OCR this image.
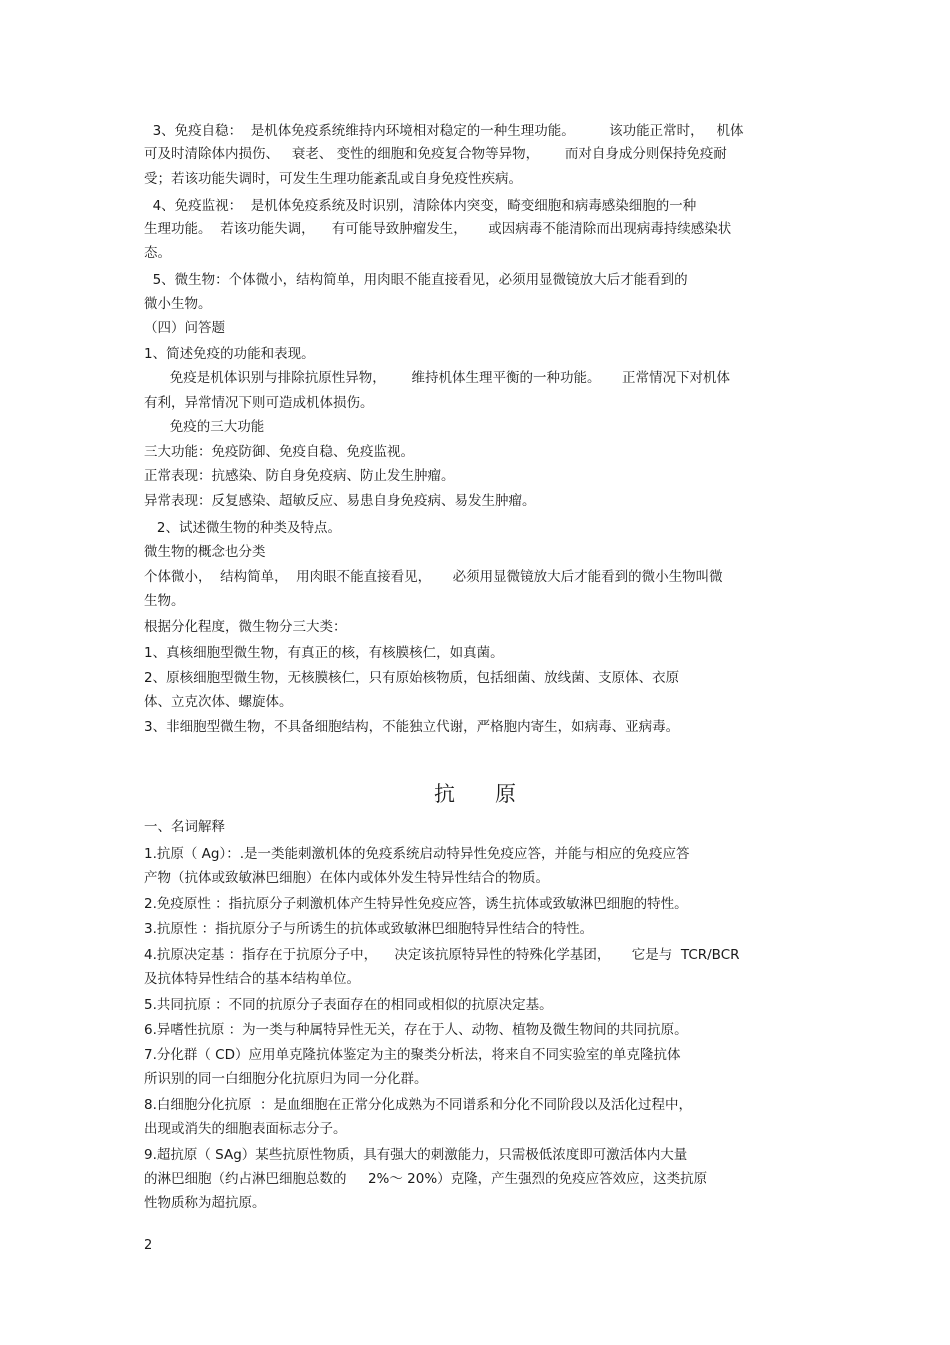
3、免疫自稳：  是机体免疫系统维持内环境相对稳定的一种生理功能。        该功能正常时，   机体
可及时清除体内损伤、   衰老、 变性的细胞和免疫复合物等异物，      而对自身成分则保持免疫耐
受；若该功能失调时，可发生生理功能紊乱或自身免疫性疾病。
4、免疫监视：  是机体免疫系统及时识别，清除体内突变，畸变细胞和病毒感染细胞的一种
生理功能。  若该功能失调，    有可能导致肿瘤发生，     或因病毒不能清除而出现病毒持续感染状
态。
5、微生物：个体微小，结构简单，用肉眼不能直接看见，必须用显微镜放大后才能看到的
微小生物。
（四）问答题
1、简述免疫的功能和表现。
免疫是机体识别与排除抗原性异物，      维持机体生理平衡的一种功能。     正常情况下对机体
有利，异常情况下则可造成机体损伤。
免疫的三大功能
三大功能：免疫防御、免疫自稳、免疫监视。
正常表现：抗感染、防自身免疫病、防止发生肿瘤。
异常表现：反复感染、超敏反应、易患自身免疫病、易发生肿瘤。
2、试述微生物的种类及特点。
微生物的概念也分类
个体微小，  结构简单，  用肉眼不能直接看见，     必须用显微镜放大后才能看到的微小生物叫微
生物。
根据分化程度，微生物分三大类：
1、真核细胞型微生物，有真正的核，有核膜核仁，如真菌。
2、原核细胞型微生物，无核膜核仁，只有原始核物质，包括细菌、放线菌、支原体、衣原
体、立克次体、螺旋体。
3、非细胞型微生物，不具备细胞结构，不能独立代谢，严格胞内寄生，如病毒、亚病毒。
抗原
一、名词解释
1.抗原（ Ag）：.是一类能刺激机体的免疫系统启动特异性免疫应答，并能与相应的免疫应答
产物（抗体或致敏淋巴细胞）在体内或体外发生特异性结合的物质。
2.免疫原性 ：指抗原分子刺激机体产生特异性免疫应答，诱生抗体或致敏淋巴细胞的特性。
3.抗原性 ：指抗原分子与所诱生的抗体或致敏淋巴细胞特异性结合的特性。
4.抗原决定基 ：指存在于抗原分子中，    决定该抗原特异性的特殊化学基团，     它是与  TCR/BCR
及抗体特异性结合的基本结构单位。
5.共同抗原 ：不同的抗原分子表面存在的相同或相似的抗原决定基。
6.异嗜性抗原 ：为一类与种属特异性无关，存在于人、动物、植物及微生物间的共同抗原。
7.分化群（ CD）应用单克隆抗体鉴定为主的聚类分析法，将来自不同实验室的单克隆抗体
所识别的同一白细胞分化抗原归为同一分化群。
8.白细胞分化抗原  ：是血细胞在正常分化成熟为不同谱系和分化不同阶段以及活化过程中，
出现或消失的细胞表面标志分子。
9.超抗原（ SAg）某些抗原性物质，具有强大的刺激能力，只需极低浓度即可激活体内大量
的淋巴细胞（约占淋巴细胞总数的     2%～ 20%）克隆，产生强烈的免疫应答效应，这类抗原
性物质称为超抗原。
2
